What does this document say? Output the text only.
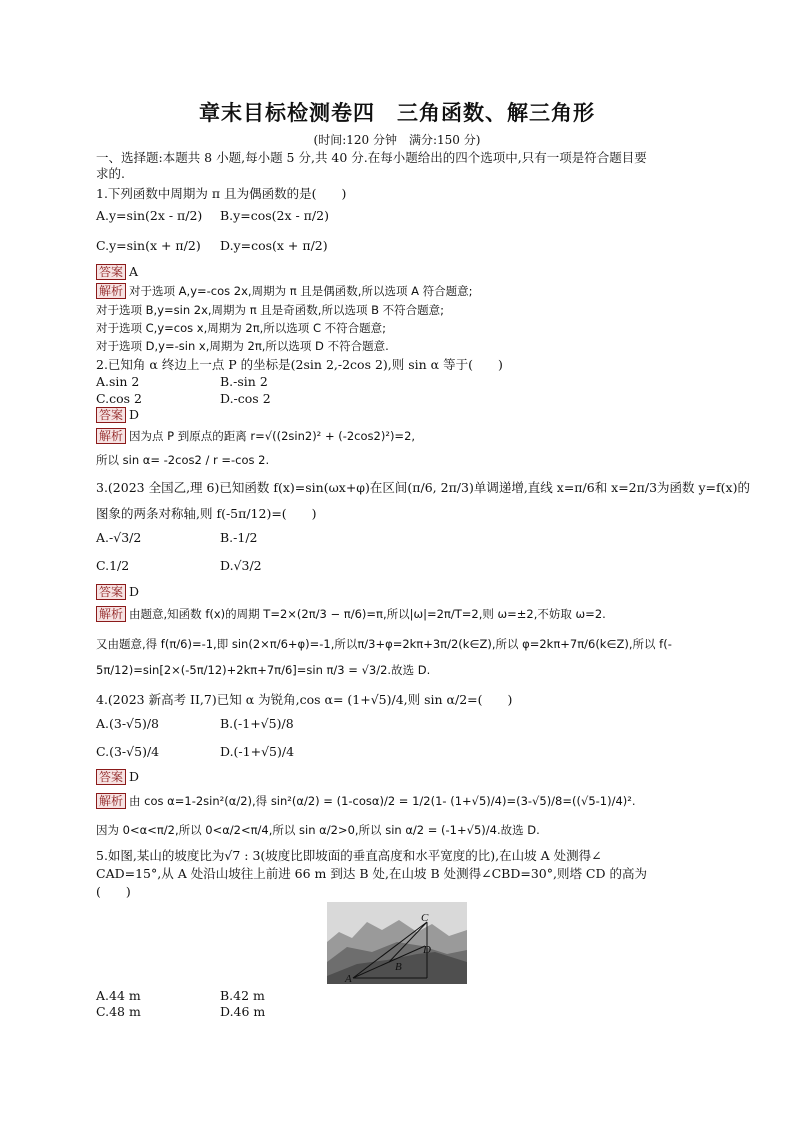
章末目标检测卷四　三角函数、解三角形
(时间:120 分钟　满分:150 分)
一、选择题:本题共 8 小题,每小题 5 分,共 40 分.在每小题给出的四个选项中,只有一项是符合题目要
求的.
1.下列函数中周期为 π 且为偶函数的是(　　)
A.y=sin(2x - π/2) B.y=cos(2x - π/2)
C.y=sin(x + π/2) D.y=cos(x + π/2)
答案 A
解析 对于选项 A,y=-cos 2x,周期为 π 且是偶函数,所以选项 A 符合题意;
对于选项 B,y=sin 2x,周期为 π 且是奇函数,所以选项 B 不符合题意;
对于选项 C,y=cos x,周期为 2π,所以选项 C 不符合题意;
对于选项 D,y=-sin x,周期为 2π,所以选项 D 不符合题意.
2.已知角 α 终边上一点 P 的坐标是(2sin 2,-2cos 2),则 sin α 等于(　　)
A.sin 2	B.-sin 2
C.cos 2	D.-cos 2
答案 D
解析 因为点 P 到原点的距离 r=√((2sin2)² + (-2cos2)²)=2,
所以 sin α= -2cos2 / r =-cos 2.
3.(2023 全国乙,理 6)已知函数 f(x)=sin(ωx+φ)在区间(π/6, 2π/3)单调递增,直线 x=π/6和 x=2π/3为函数 y=f(x)的
图象的两条对称轴,则 f(-5π/12)=(　　)
A.-√3/2	B.-1/2
C.1/2	D.√3/2
答案 D
解析 由题意,知函数 f(x)的周期 T=2×(2π/3 − π/6)=π,所以|ω|=2π/T=2,则 ω=±2,不妨取 ω=2.
又由题意,得 f(π/6)=-1,即 sin(2×π/6+φ)=-1,所以π/3+φ=2kπ+3π/2(k∈Z),所以 φ=2kπ+7π/6(k∈Z),所以 f(-
5π/12)=sin[2×(-5π/12)+2kπ+7π/6]=sin π/3 = √3/2.故选 D.
4.(2023 新高考 II,7)已知 α 为锐角,cos α= (1+√5)/4,则 sin α/2=(　　)
A.(3-√5)/8	B.(-1+√5)/8
C.(3-√5)/4	D.(-1+√5)/4
答案 D
解析 由 cos α=1-2sin²(α/2),得 sin²(α/2) = (1-cosα)/2 = 1/2(1- (1+√5)/4)=(3-√5)/8=((√5-1)/4)².
因为 0<α<π/2,所以 0<α/2<π/4,所以 sin α/2>0,所以 sin α/2 = (-1+√5)/4.故选 D.
5.如图,某山的坡度比为√7 : 3(坡度比即坡面的垂直高度和水平宽度的比),在山坡 A 处测得∠
CAD=15°,从 A 处沿山坡往上前进 66 m 到达 B 处,在山坡 B 处测得∠CBD=30°,则塔 CD 的高为
(　　)
A
B
C
D
A.44 m	B.42 m
C.48 m	D.46 m
